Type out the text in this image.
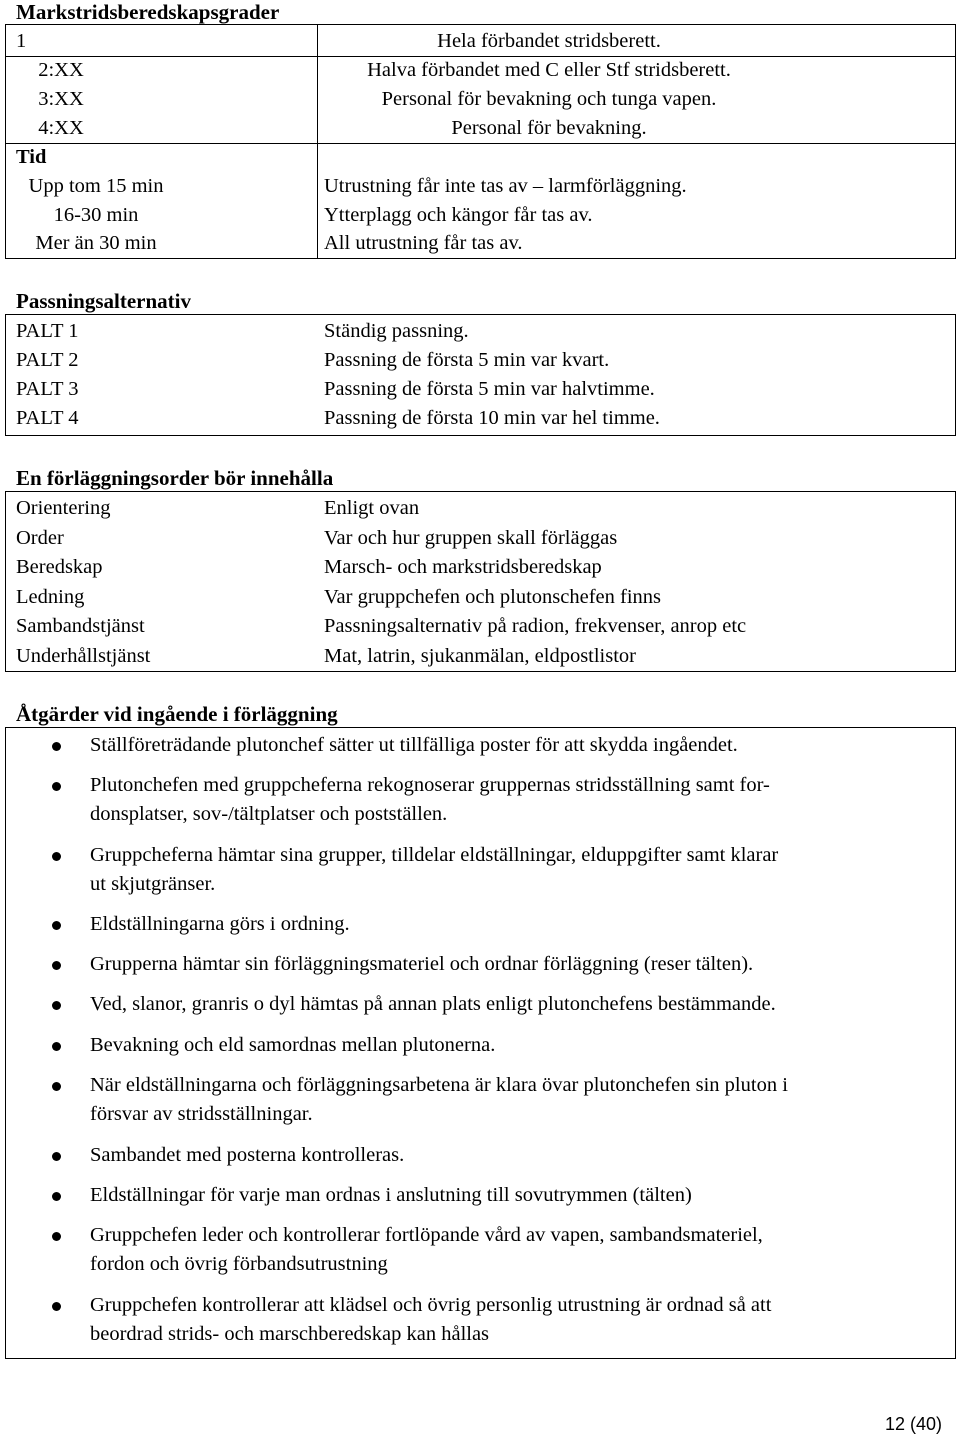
Markstridsberedskapsgrader
1	Hela förbandet stridsberett.
2:XX	Halva förbandet med C eller Stf stridsberett.
3:XX	Personal för bevakning och tunga vapen.
4:XX	Personal för bevakning.
Tid
Upp tom 15 min	Utrustning får inte tas av – larmförläggning.
16-30 min	Ytterplagg och kängor får tas av.
Mer än 30 min	All utrustning får tas av.
Passningsalternativ
PALT 1	Ständig passning.
PALT 2	Passning de första 5 min var kvart.
PALT 3	Passning de första 5 min var halvtimme.
PALT 4	Passning de första 10 min var hel timme.
En förläggningsorder bör innehålla
Orientering	Enligt ovan
Order	Var och hur gruppen skall förläggas
Beredskap	Marsch- och markstridsberedskap
Ledning	Var gruppchefen och plutonschefen finns
Sambandstjänst	Passningsalternativ på radion, frekvenser, anrop etc
Underhållstjänst	Mat, latrin, sjukanmälan, eldpostlistor
Åtgärder vid ingående i förläggning
Ställföreträdande plutonchef sätter ut tillfälliga poster för att skydda ingåendet.
Plutonchefen med gruppcheferna rekognoserar gruppernas stridsställning samt for-
donsplatser, sov-/tältplatser och postställen.
Gruppcheferna hämtar sina grupper, tilldelar eldställningar, elduppgifter samt klarar
ut skjutgränser.
Eldställningarna görs i ordning.
Grupperna hämtar sin förläggningsmateriel och ordnar förläggning (reser tälten).
Ved, slanor, granris o dyl hämtas på annan plats enligt plutonchefens bestämmande.
Bevakning och eld samordnas mellan plutonerna.
När eldställningarna och förläggningsarbetena är klara övar plutonchefen sin pluton i
försvar av stridsställningar.
Sambandet med posterna kontrolleras.
Eldställningar för varje man ordnas i anslutning till sovutrymmen (tälten)
Gruppchefen leder och kontrollerar fortlöpande vård av vapen, sambandsmateriel,
fordon och övrig förbandsutrustning
Gruppchefen kontrollerar att klädsel och övrig personlig utrustning är ordnad så att
beordrad strids- och marschberedskap kan hållas
12 (40)
